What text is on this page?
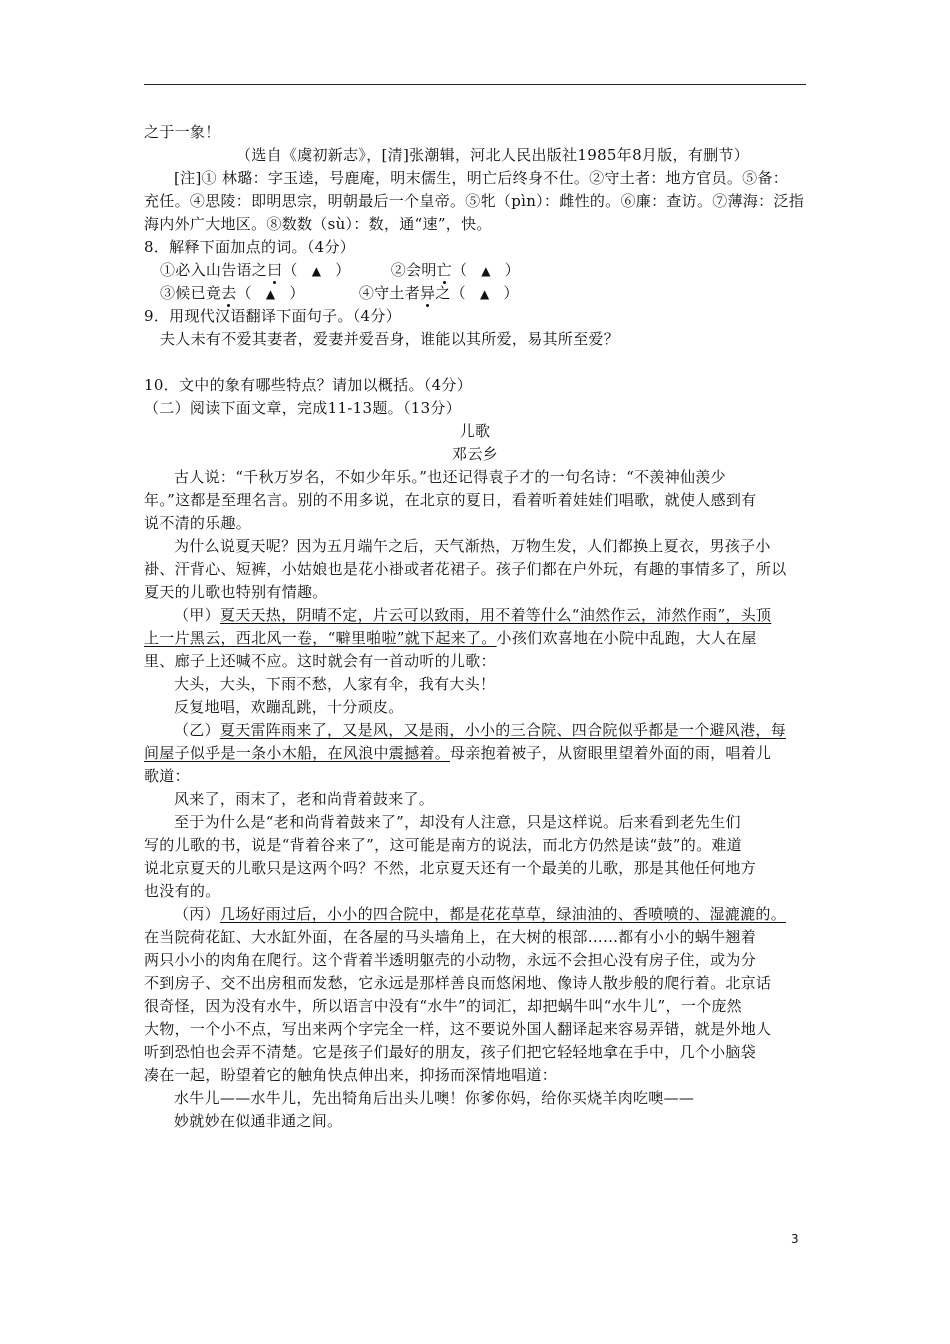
之于一象！
（选自《虞初新志》，[清]张潮辑，河北人民出版社1985年8月版，有删节）
[注]① 林璐：字玉逵，号鹿庵，明末儒生，明亡后终身不仕。②守土者：地方官员。⑤备：
充任。④思陵：即明思宗，明朝最后一个皇帝。⑤牝（pìn）：雌性的。⑥廉：查访。⑦薄海：泛指
海内外广大地区。⑧数数（sù）：数，通“速”，快。
8．解释下面加点的词。（4分）
①必入山告语之曰（ ▲ ）	②会明亡（ ▲ ）
③候已竟去（ ▲ ）	④守土者异之（ ▲ ）
9．用现代汉语翻译下面句子。（4分）
夫人未有不爱其妻者，爱妻并爱吾身，谁能以其所爱，易其所至爱？
10．文中的象有哪些特点？请加以概括。（4分）
（二）阅读下面文章，完成11-13题。（13分）
儿歌
邓云乡
古人说：“千秋万岁名，不如少年乐。”也还记得袁子才的一句名诗：“不羡神仙羡少
年。”这都是至理名言。别的不用多说，在北京的夏日，看着听着娃娃们唱歌，就使人感到有
说不清的乐趣。
为什么说夏天呢？因为五月端午之后，天气渐热，万物生发，人们都换上夏衣，男孩子小
褂、汗背心、短裤，小姑娘也是花小褂或者花裙子。孩子们都在户外玩，有趣的事情多了，所以
夏天的儿歌也特别有情趣。
（甲）夏天天热，阴晴不定，片云可以致雨，用不着等什么“油然作云，沛然作雨”，头顶
上一片黑云，西北风一卷，“噼里啪啦”就下起来了。小孩们欢喜地在小院中乱跑，大人在屋
里、廊子上还喊不应。这时就会有一首动听的儿歌：
大头，大头，下雨不愁，人家有伞，我有大头！
反复地唱，欢蹦乱跳，十分顽皮。
（乙）夏天雷阵雨来了，又是风，又是雨，小小的三合院、四合院似乎都是一个避风港，每
间屋子似乎是一条小木船，在风浪中震撼着。母亲抱着被子，从窗眼里望着外面的雨，唱着儿
歌道：
风来了，雨末了，老和尚背着鼓来了。
至于为什么是“老和尚背着鼓来了”，却没有人注意，只是这样说。后来看到老先生们
写的儿歌的书，说是“背着谷来了”，这可能是南方的说法，而北方仍然是读“鼓”的。难道
说北京夏天的儿歌只是这两个吗？不然，北京夏天还有一个最美的儿歌，那是其他任何地方
也没有的。
（丙）几场好雨过后，小小的四合院中，都是花花草草，绿油油的、香喷喷的、湿漉漉的。
在当院荷花缸、大水缸外面，在各屋的马头墙角上，在大树的根部……都有小小的蜗牛翘着
两只小小的肉角在爬行。这个背着半透明躯壳的小动物，永远不会担心没有房子住，或为分
不到房子、交不出房租而发愁，它永远是那样善良而悠闲地、像诗人散步般的爬行着。北京话
很奇怪，因为没有水牛，所以语言中没有“水牛”的词汇，却把蜗牛叫“水牛儿”，一个庞然
大物，一个小不点，写出来两个字完全一样，这不要说外国人翻译起来容易弄错，就是外地人
听到恐怕也会弄不清楚。它是孩子们最好的朋友，孩子们把它轻轻地拿在手中，几个小脑袋
凑在一起，盼望着它的触角快点伸出来，抑扬而深情地唱道：
水牛儿——水牛儿，先出犄角后出头儿噢！你爹你妈，给你买烧羊肉吃噢——
妙就妙在似通非通之间。
3
